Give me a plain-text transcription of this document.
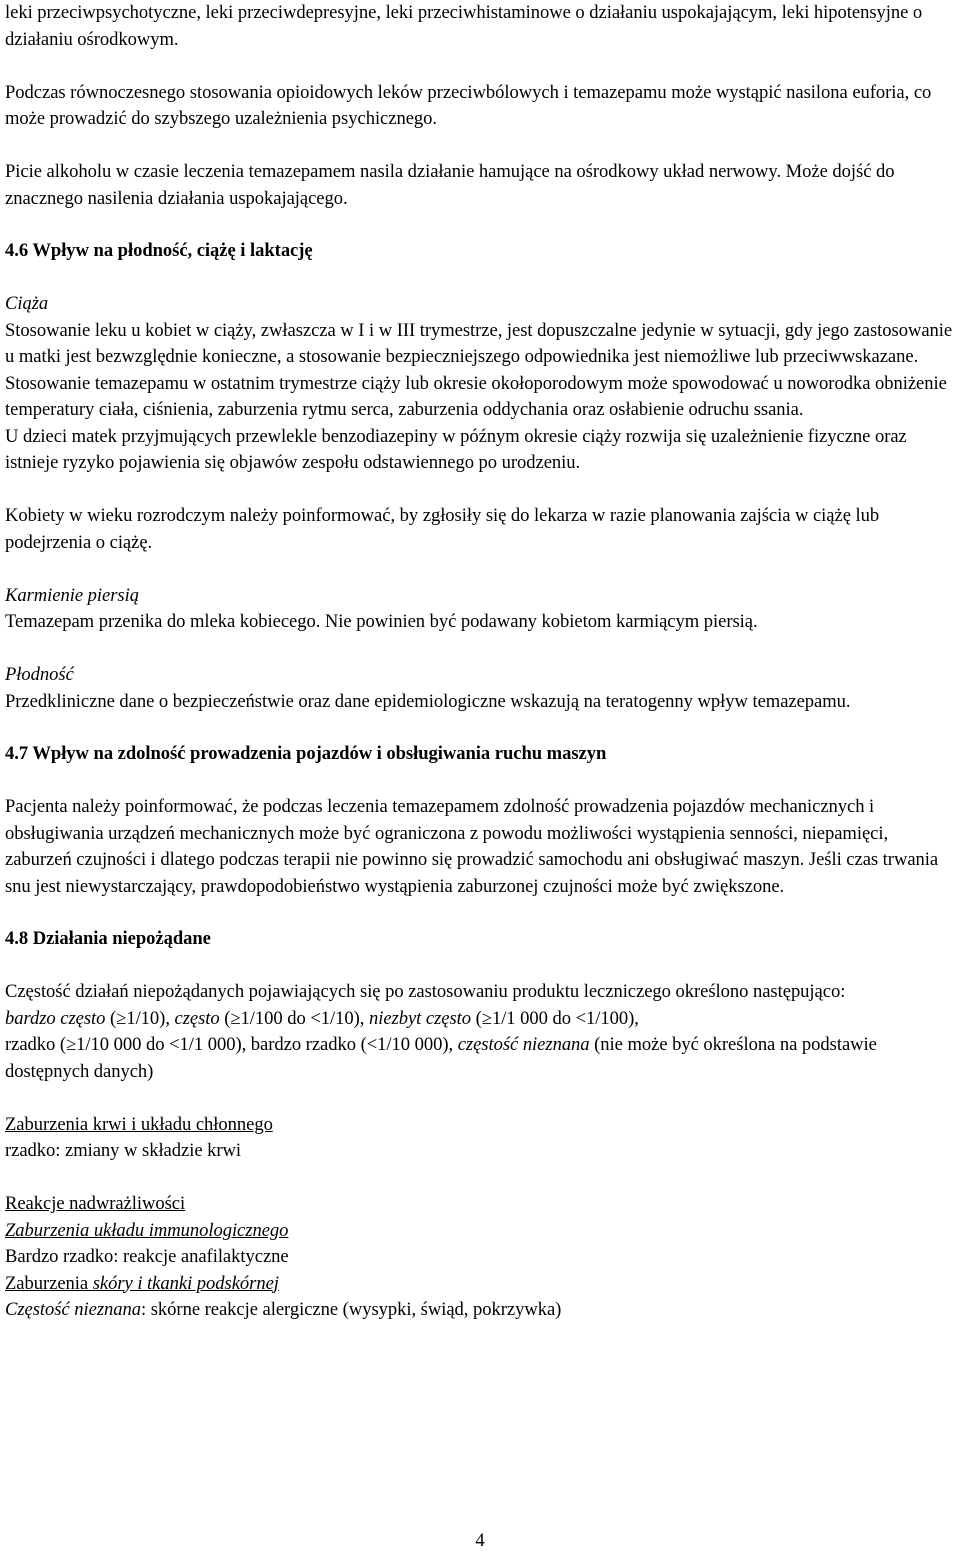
leki przeciwpsychotyczne, leki przeciwdepresyjne, leki przeciwhistaminowe o działaniu uspokajającym, leki hipotensyjne o działaniu ośrodkowym.

Podczas równoczesnego stosowania opioidowych leków przeciwbólowych i temazepamu może wystąpić nasilona euforia, co może prowadzić do szybszego uzależnienia psychicznego.

Picie alkoholu w czasie leczenia temazepamem nasila działanie hamujące na ośrodkowy układ nerwowy. Może dojść do znacznego nasilenia działania uspokajającego.

4.6 Wpływ na płodność, ciążę i laktację

Ciąża

Stosowanie leku u kobiet w ciąży, zwłaszcza w I i w III trymestrze, jest dopuszczalne jedynie w sytuacji, gdy jego zastosowanie u matki jest bezwzględnie konieczne, a stosowanie bezpieczniejszego odpowiednika jest niemożliwe lub przeciwwskazane. Stosowanie temazepamu w ostatnim trymestrze ciąży lub okresie okołoporodowym może spowodować u noworodka obniżenie temperatury ciała, ciśnienia, zaburzenia rytmu serca, zaburzenia oddychania oraz osłabienie odruchu ssania.

U dzieci matek przyjmujących przewlekle benzodiazepiny w późnym okresie ciąży rozwija się uzależnienie fizyczne oraz istnieje ryzyko pojawienia się objawów zespołu odstawiennego po urodzeniu.

Kobiety w wieku rozrodczym należy poinformować, by zgłosiły się do lekarza w razie planowania zajścia w ciążę lub podejrzenia o ciążę.

Karmienie piersią

Temazepam przenika do mleka kobiecego. Nie powinien być podawany kobietom karmiącym piersią.

Płodność

Przedkliniczne dane o bezpieczeństwie oraz dane epidemiologiczne wskazują na teratogenny wpływ temazepamu.

4.7 Wpływ na zdolność prowadzenia pojazdów i obsługiwania ruchu maszyn

Pacjenta należy poinformować, że podczas leczenia temazepamem zdolność prowadzenia pojazdów mechanicznych i obsługiwania urządzeń mechanicznych może być ograniczona z powodu możliwości wystąpienia senności, niepamięci, zaburzeń czujności i dlatego podczas terapii nie powinno się prowadzić samochodu ani obsługiwać maszyn. Jeśli czas trwania snu jest niewystarczający, prawdopodobieństwo wystąpienia zaburzonej czujności może być zwiększone.

4.8 Działania niepożądane

Częstość działań niepożądanych pojawiających się po zastosowaniu produktu leczniczego określono następująco:

bardzo często (≥1/10), często (≥1/100 do <1/10), niezbyt często (≥1/1 000 do <1/100),

rzadko (≥1/10 000 do <1/1 000), bardzo rzadko (<1/10 000), częstość nieznana (nie może być określona na podstawie dostępnych danych)

Zaburzenia krwi i układu chłonnego

rzadko: zmiany w składzie krwi

Reakcje nadwrażliwości

Zaburzenia układu immunologicznego

Bardzo rzadko: reakcje anafilaktyczne

Zaburzenia skóry i tkanki podskórnej

Częstość nieznana: skórne reakcje alergiczne (wysypki, świąd, pokrzywka)

4
